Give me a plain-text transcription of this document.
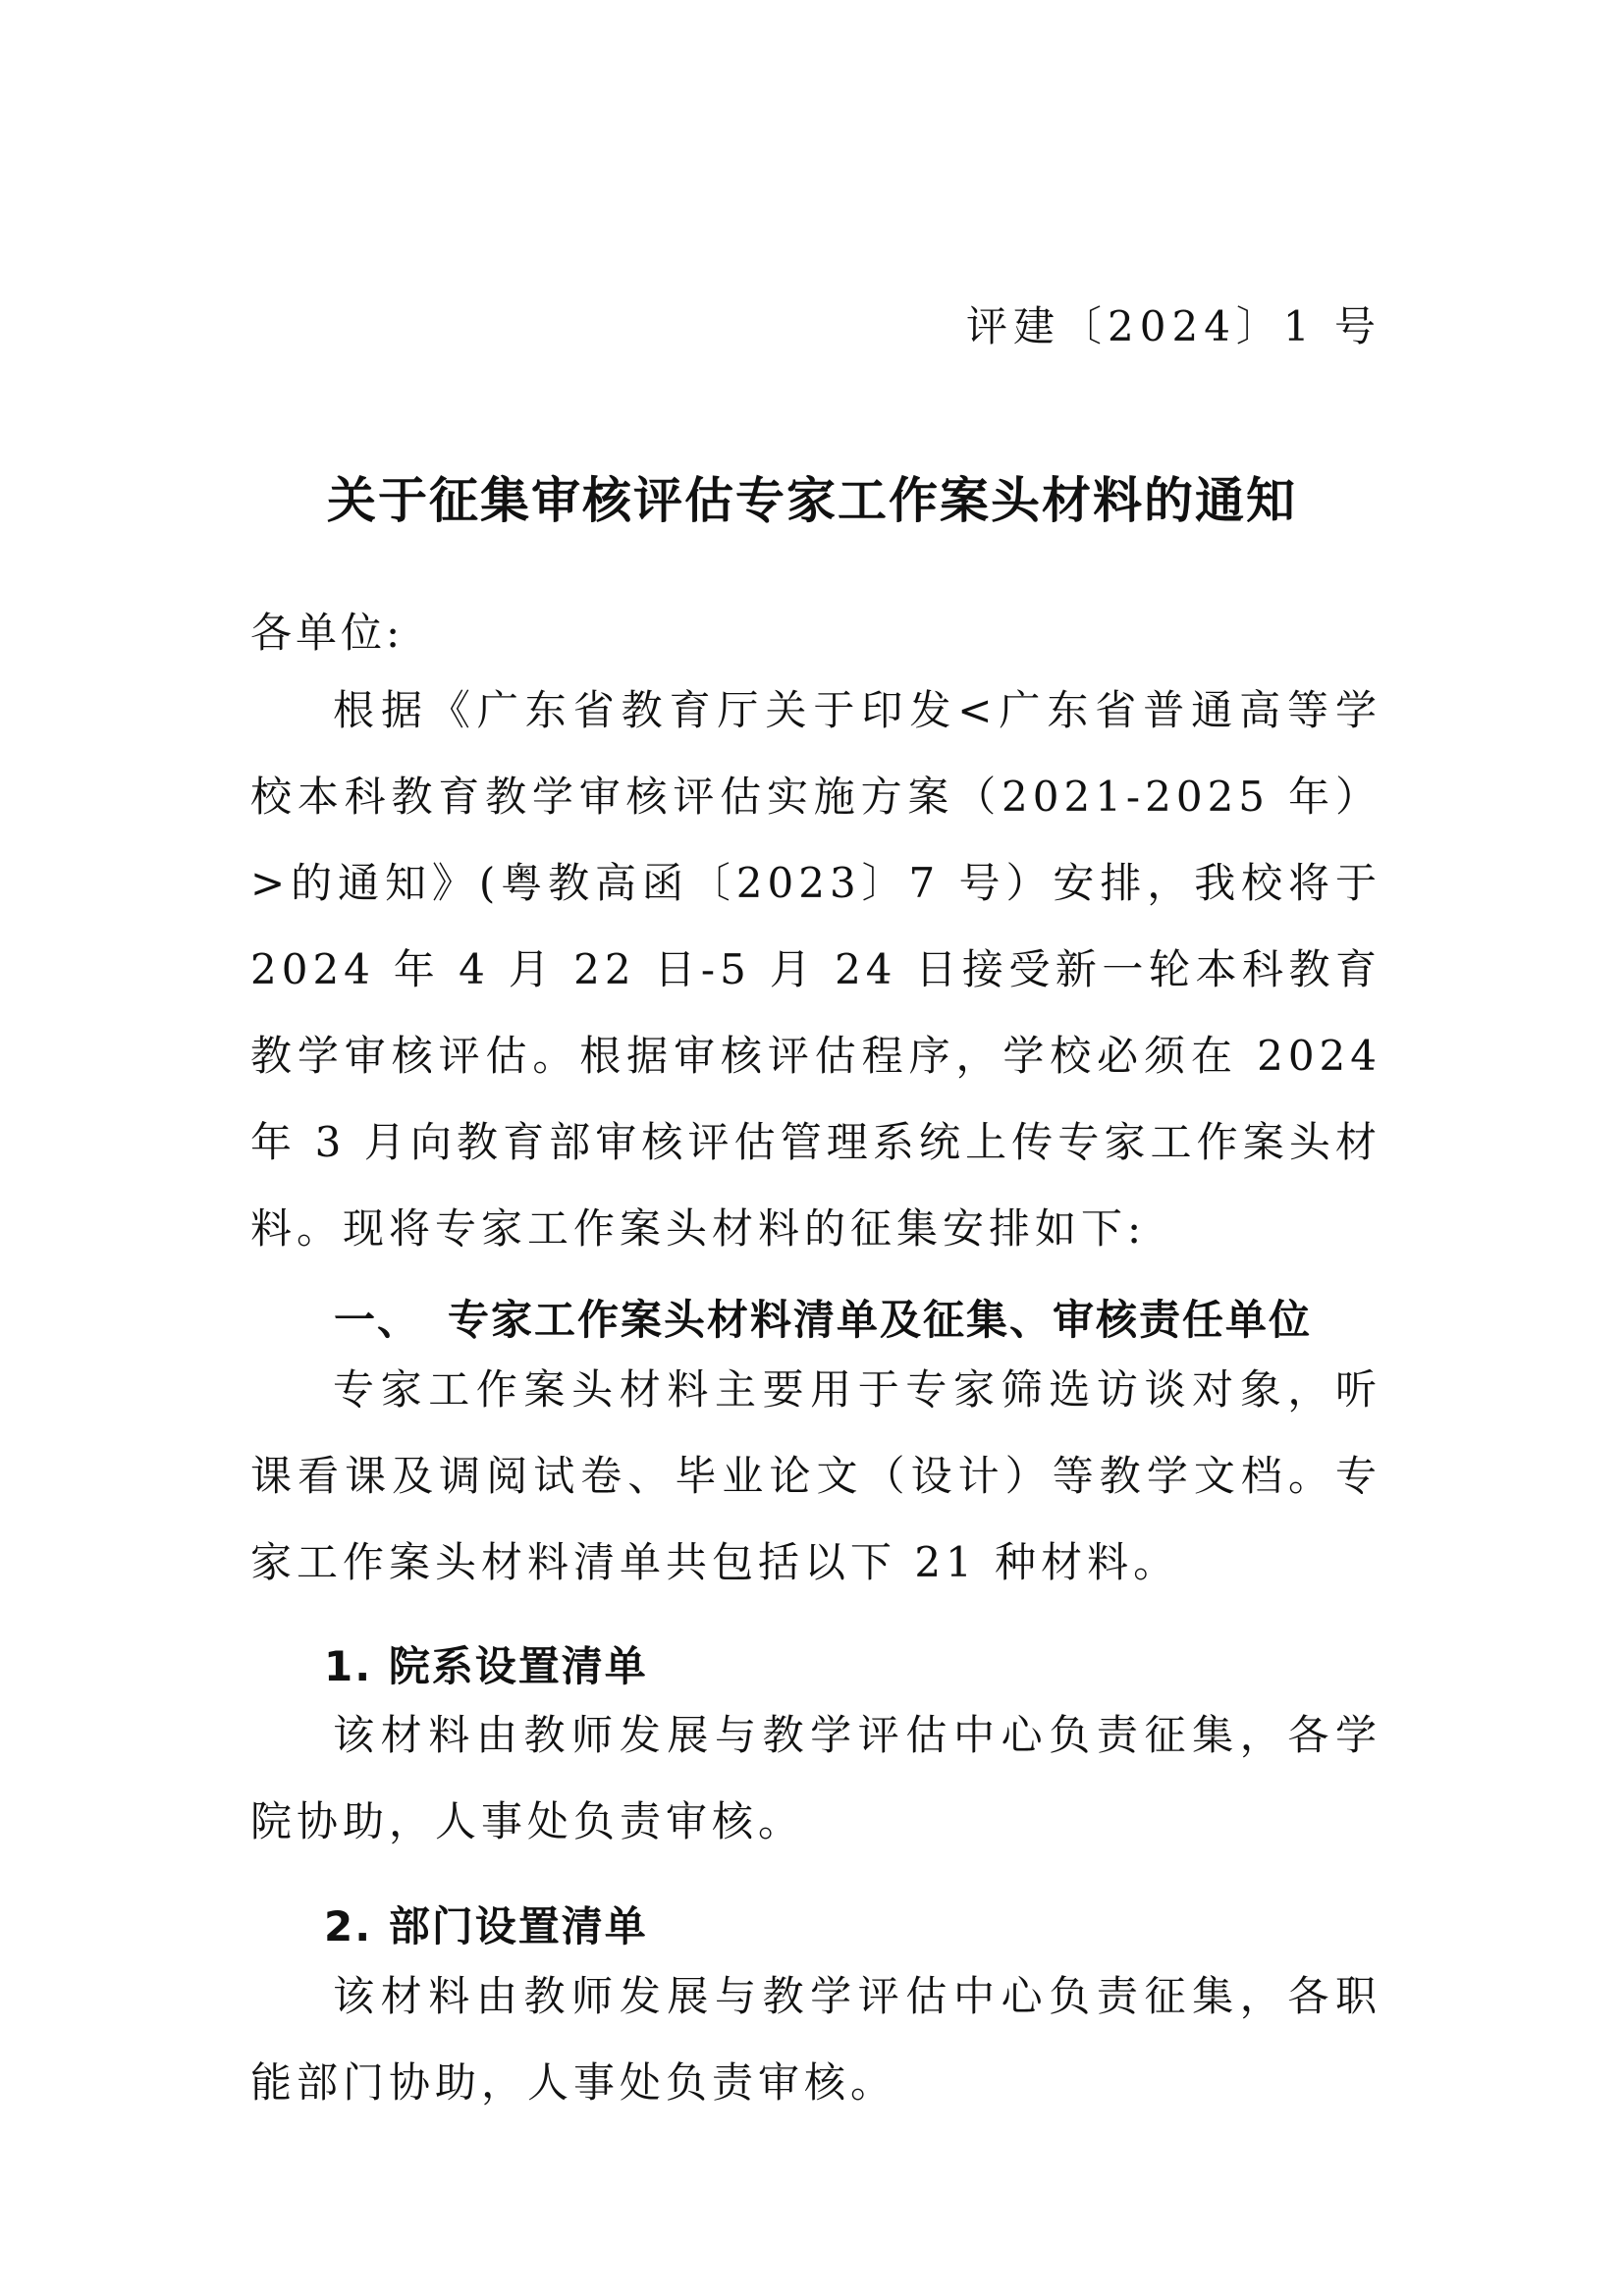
评建〔2024〕1 号
关于征集审核评估专家工作案头材料的通知
各单位:

根据《广东省教育厅关于印发<广东省普通高等学校本科教育教学审核评估实施方案（2021-2025 年）>的通知》(粤教高函〔2023〕7 号）安排，我校将于 2024 年 4 月 22 日-5 月 24 日接受新一轮本科教育教学审核评估。根据审核评估程序，学校必须在 2024 年 3 月向教育部审核评估管理系统上传专家工作案头材料。现将专家工作案头材料的征集安排如下:

一、 专家工作案头材料清单及征集、审核责任单位

专家工作案头材料主要用于专家筛选访谈对象，听课看课及调阅试卷、毕业论文（设计）等教学文档。专家工作案头材料清单共包括以下 21 种材料。

1. 院系设置清单

该材料由教师发展与教学评估中心负责征集，各学院协助，人事处负责审核。

2. 部门设置清单

该材料由教师发展与教学评估中心负责征集，各职能部门协助，人事处负责审核。
